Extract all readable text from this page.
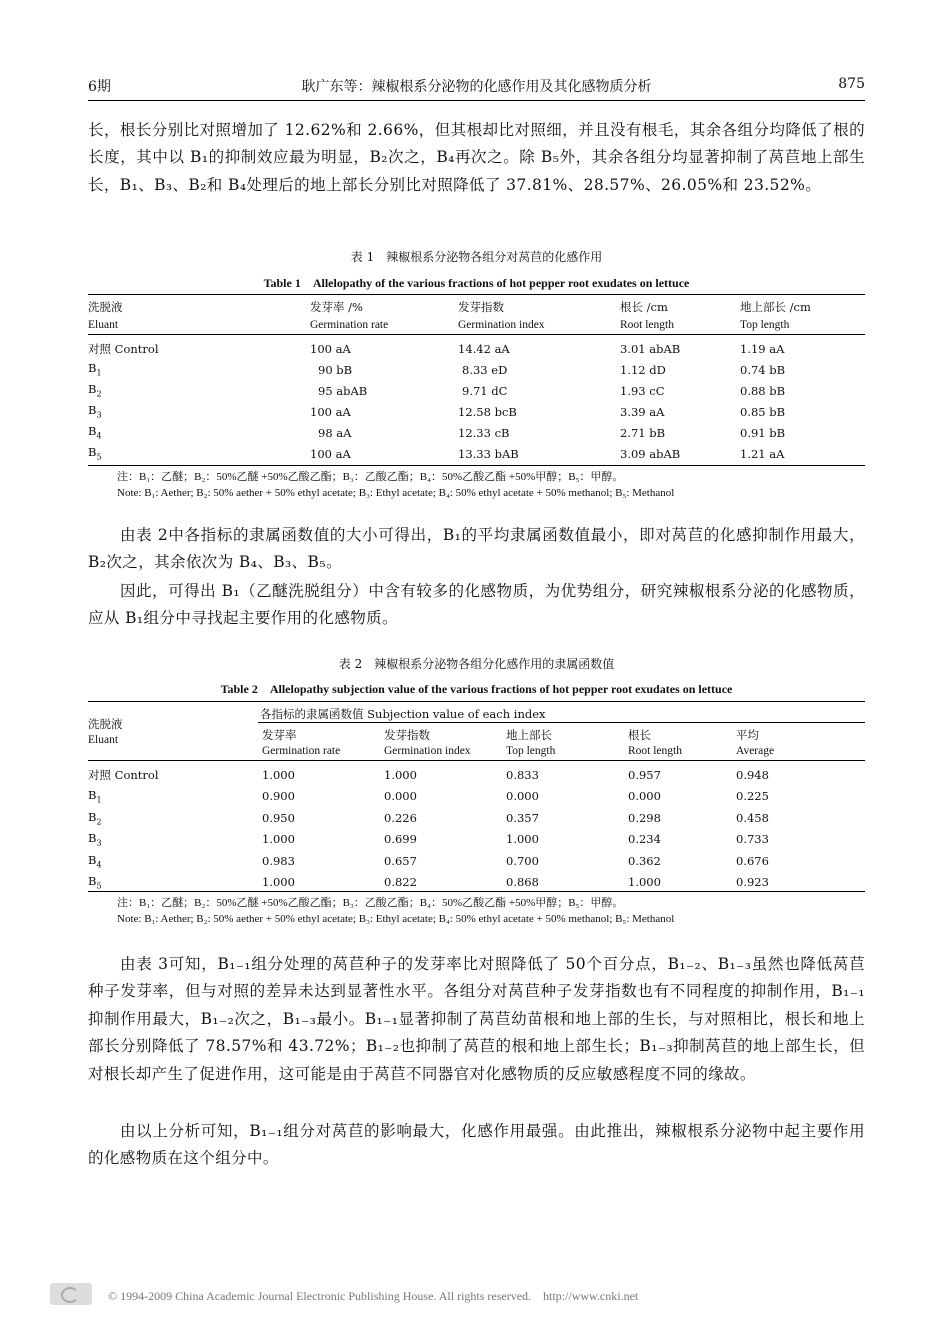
6期	耿广东等：辣椒根系分泌物的化感作用及其化感物质分析	875
长，根长分别比对照增加了 12.62%和 2.66%，但其根却比对照细，并且没有根毛，其余各组分均降低了根的长度，其中以 B₁的抑制效应最为明显，B₂次之，B₄再次之。除 B₅外，其余各组分均显著抑制了莴苣地上部生长，B₁、B₃、B₂和 B₄处理后的地上部长分别比对照降低了 37.81%、28.57%、26.05%和 23.52%。
表 1　辣椒根系分泌物各组分对莴苣的化感作用
Table 1　Allelopathy of the various fractions of hot pepper root exudates on lettuce
洗脱液	发芽率 /%	发芽指数	根长 /cm	地上部长 /cm
Eluant	Germination rate	Germination index	Root length	Top length

对照 Control	100 aA	14.42 aA	3.01 abAB	1.19 aA
$B_1$	90 bB	8.33 eD	1.12 dD	0.74 bB
$B_2$	95 abAB	9.71 dC	1.93 cC	0.88 bB
$B_3$	100 aA	12.58 bcB	3.39 aA	0.85 bB
$B_4$	98 aA	12.33 cB	2.71 bB	0.91 bB
$B_5$	100 aA	13.33 bAB	3.09 abAB	1.21 aA
注：B₁：乙醚；B₂：50%乙醚 +50%乙酸乙酯；B₃：乙酸乙酯；B₄：50%乙酸乙酯 +50%甲醇；B₅：甲醇。
Note: B₁: Aether; B₂: 50% aether + 50% ethyl acetate; B₃: Ethyl acetate; B₄: 50% ethyl acetate + 50% methanol; B₅: Methanol
由表 2中各指标的隶属函数值的大小可得出，B₁的平均隶属函数值最小，即对莴苣的化感抑制作用最大，B₂次之，其余依次为 B₄、B₃、B₅。
因此，可得出 B₁（乙醚洗脱组分）中含有较多的化感物质，为优势组分，研究辣椒根系分泌的化感物质，应从 B₁组分中寻找起主要作用的化感物质。
表 2　辣椒根系分泌物各组分化感作用的隶属函数值
Table 2　Allelopathy subjection value of the various fractions of hot pepper root exudates on lettuce
各指标的隶属函数值 Subjection value of each index
洗脱液
Eluant
		发芽率	发芽指数	地上部长	根长	平均
	Germination rate	Germination index	Top length	Root length	Average

对照 Control	1.000	1.000	0.833	0.957	0.948
$B_1$	0.900	0.000	0.000	0.000	0.225
$B_2$	0.950	0.226	0.357	0.298	0.458
$B_3$	1.000	0.699	1.000	0.234	0.733
$B_4$	0.983	0.657	0.700	0.362	0.676
$B_5$	1.000	0.822	0.868	1.000	0.923
注：B₁：乙醚；B₂：50%乙醚 +50%乙酸乙酯；B₃：乙酸乙酯；B₄：50%乙酸乙酯 +50%甲醇；B₅：甲醇。
Note: B₁: Aether; B₂: 50% aether + 50% ethyl acetate; B₃: Ethyl acetate; B₄: 50% ethyl acetate + 50% methanol; B₅: Methanol
由表 3可知，B₁₋₁组分处理的莴苣种子的发芽率比对照降低了 50个百分点，B₁₋₂、B₁₋₃虽然也降低莴苣种子发芽率，但与对照的差异未达到显著性水平。各组分对莴苣种子发芽指数也有不同程度的抑制作用，B₁₋₁抑制作用最大，B₁₋₂次之，B₁₋₃最小。B₁₋₁显著抑制了莴苣幼苗根和地上部的生长，与对照相比，根长和地上部长分别降低了 78.57%和 43.72%；B₁₋₂也抑制了莴苣的根和地上部生长；B₁₋₃抑制莴苣的地上部生长，但对根长却产生了促进作用，这可能是由于莴苣不同器官对化感物质的反应敏感程度不同的缘故。
由以上分析可知，B₁₋₁组分对莴苣的影响最大，化感作用最强。由此推出，辣椒根系分泌物中起主要作用的化感物质在这个组分中。
© 1994-2009 China Academic Journal Electronic Publishing House. All rights reserved.　http://www.cnki.net
